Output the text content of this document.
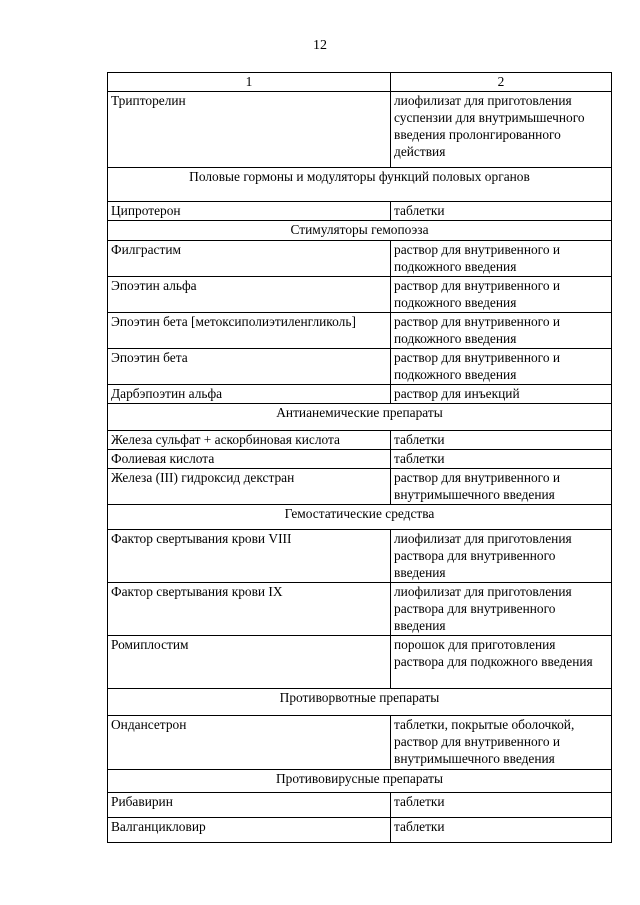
12
1	2
Трипторелин	лиофилизат для приготовления суспензии для внутримышечного введения пролонгированного действия
Половые гормоны и модуляторы функций половых органов	
Ципротерон	таблетки
Стимуляторы гемопоэза	
Филграстим	раствор для внутривенного и подкожного введения
Эпоэтин альфа	раствор для внутривенного и подкожного введения
Эпоэтин бета [метоксиполиэтиленгликоль]	раствор для внутривенного и подкожного введения
Эпоэтин бета	раствор для внутривенного и подкожного введения
Дарбэпоэтин альфа	раствор для инъекций
Антианемические препараты	
Железа сульфат + аскорбиновая кислота	таблетки
Фолиевая кислота	таблетки
Железа (III) гидроксид декстран	раствор для внутривенного и внутримышечного введения
Гемостатические средства	
Фактор свертывания крови VIII	лиофилизат для приготовления раствора для внутривенного введения
Фактор свертывания крови IX	лиофилизат для приготовления раствора для внутривенного введения
Ромиплостим	порошок для приготовления раствора для подкожного введения
Противорвотные препараты	
Ондансетрон	таблетки, покрытые оболочкой, раствор для внутривенного и внутримышечного введения
Противовирусные препараты	
Рибавирин	таблетки
Валганцикловир	таблетки
